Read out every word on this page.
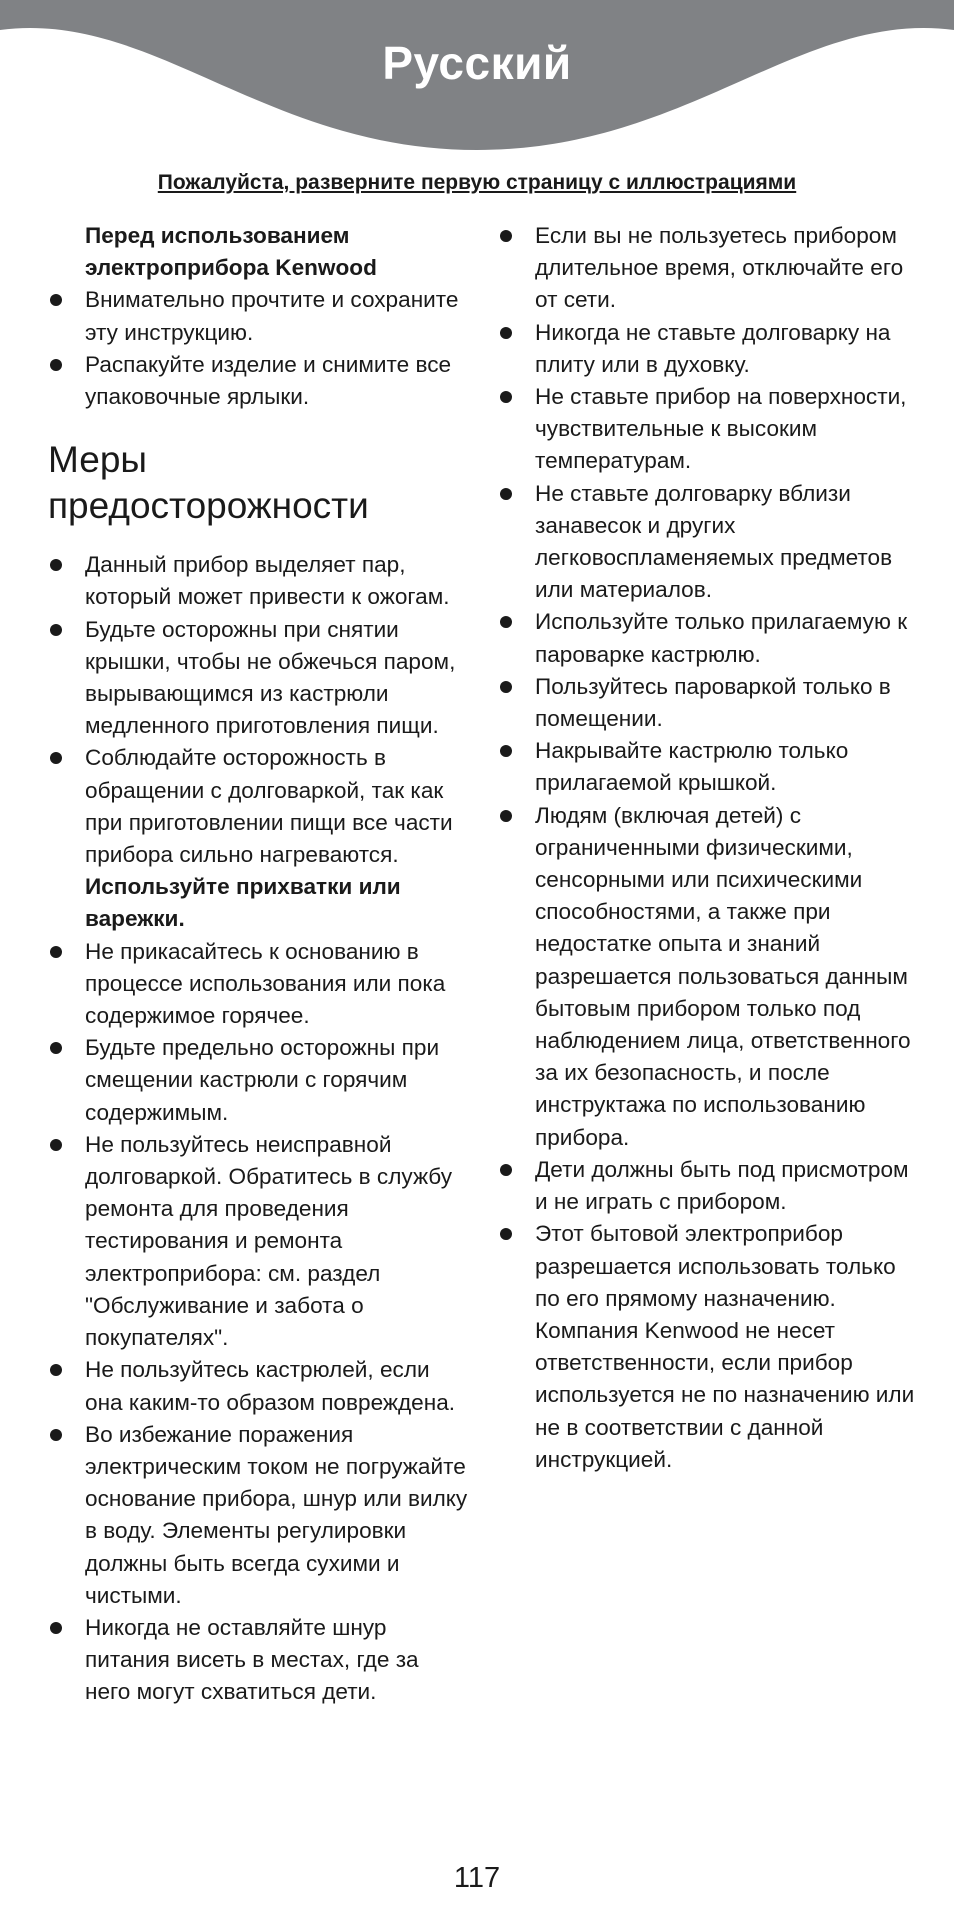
Русский
Пожалуйста, разверните первую страницу с иллюстрациями

Перед использованием электроприбора Kenwood

Внимательно прочтите и сохраните эту инструкцию.
Распакуйте изделие и снимите все упаковочные ярлыки.
Меры предосторожности
Данный прибор выделяет пар, который может привести к ожогам.
Будьте осторожны при снятии крышки, чтобы не обжечься паром, вырывающимся из кастрюли медленного приготовления пищи.
Соблюдайте осторожность в обращении с долговаркой, так как при приготовлении пищи все части прибора сильно нагреваются. Используйте прихватки или варежки.
Не прикасайтесь к основанию в процессе использования или пока содержимое горячее.
Будьте предельно осторожны при смещении кастрюли с горячим содержимым.
Не пользуйтесь неисправной долговаркой. Обратитесь в службу ремонта для проведения тестирования и ремонта электроприбора: см. раздел "Обслуживание и забота о покупателях".
Не пользуйтесь кастрюлей, если она каким-то образом повреждена.
Во избежание поражения электрическим током не погружайте основание прибора, шнур или вилку в воду. Элементы регулировки должны быть всегда сухими и чистыми.
Никогда не оставляйте шнур питания висеть в местах, где за него могут схватиться дети.
Если вы не пользуетесь прибором длительное время, отключайте его от сети.
Никогда не ставьте долговарку на плиту или в духовку.
Не ставьте прибор на поверхности, чувствительные к высоким температурам.
Не ставьте долговарку вблизи занавесок и других легковоспламеняемых предметов или материалов.
Используйте только прилагаемую к пароварке кастрюлю.
Пользуйтесь пароваркой только в помещении.
Накрывайте кастрюлю только прилагаемой крышкой.
Людям (включая детей) с ограниченными физическими, сенсорными или психическими способностями, а также при недостатке опыта и знаний разрешается пользоваться данным бытовым прибором только под наблюдением лица, ответственного за их безопасность, и после инструктажа по использованию прибора.
Дети должны быть под присмотром и не играть с прибором.
Этот бытовой электроприбор разрешается использовать только по его прямому назначению. Компания Kenwood не несет ответственности, если прибор используется не по назначению или не в соответствии с данной инструкцией.
117
